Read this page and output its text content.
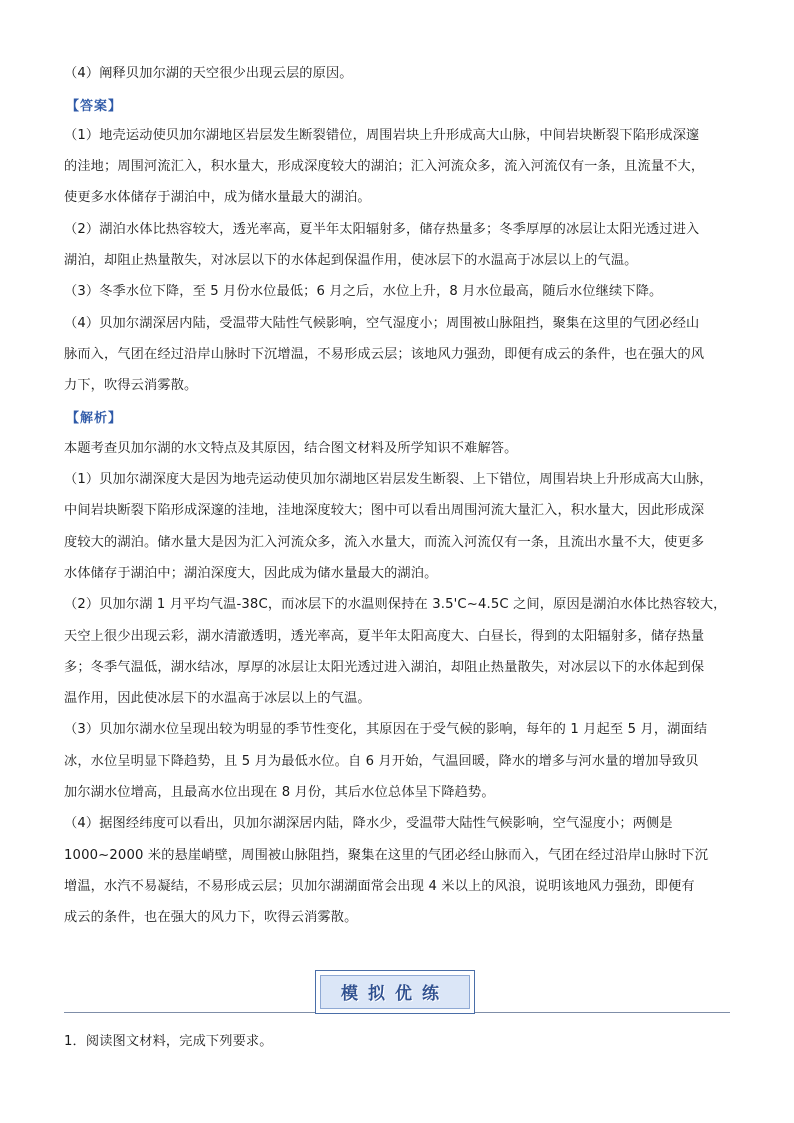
（4）阐释贝加尔湖的天空很少出现云层的原因。
【答案】
（1）地壳运动使贝加尔湖地区岩层发生断裂错位，周围岩块上升形成高大山脉，中间岩块断裂下陷形成深邃
的洼地；周围河流汇入，积水量大，形成深度较大的湖泊；汇入河流众多，流入河流仅有一条，且流量不大，
使更多水体储存于湖泊中，成为储水量最大的湖泊。
（2）湖泊水体比热容较大，透光率高，夏半年太阳辐射多，储存热量多；冬季厚厚的冰层让太阳光透过进入
湖泊，却阻止热量散失，对冰层以下的水体起到保温作用，使冰层下的水温高于冰层以上的气温。
（3）冬季水位下降，至 5 月份水位最低；6 月之后，水位上升，8 月水位最高，随后水位继续下降。
（4）贝加尔湖深居内陆，受温带大陆性气候影响，空气湿度小；周围被山脉阻挡，聚集在这里的气团必经山
脉而入，气团在经过沿岸山脉时下沉增温，不易形成云层；该地风力强劲，即便有成云的条件，也在强大的风
力下，吹得云消雾散。
【解析】
本题考查贝加尔湖的水文特点及其原因，结合图文材料及所学知识不难解答。
（1）贝加尔湖深度大是因为地壳运动使贝加尔湖地区岩层发生断裂、上下错位，周围岩块上升形成高大山脉，
中间岩块断裂下陷形成深邃的洼地，洼地深度较大；图中可以看出周围河流大量汇入，积水量大，因此形成深
度较大的湖泊。储水量大是因为汇入河流众多，流入水量大，而流入河流仅有一条，且流出水量不大，使更多
水体储存于湖泊中；湖泊深度大，因此成为储水量最大的湖泊。
（2）贝加尔湖 1 月平均气温-38C，而冰层下的水温则保持在 3.5'C~4.5C 之间，原因是湖泊水体比热容较大，
天空上很少出现云彩，湖水清澈透明，透光率高，夏半年太阳高度大、白昼长，得到的太阳辐射多，储存热量
多；冬季气温低，湖水结冰，厚厚的冰层让太阳光透过进入湖泊，却阻止热量散失，对冰层以下的水体起到保
温作用，因此使冰层下的水温高于冰层以上的气温。
（3）贝加尔湖水位呈现出较为明显的季节性变化，其原因在于受气候的影响，每年的 1 月起至 5 月，湖面结
冰，水位呈明显下降趋势，且 5 月为最低水位。自 6 月开始，气温回暖，降水的增多与河水量的增加导致贝
加尔湖水位增高，且最高水位出现在 8 月份，其后水位总体呈下降趋势。
（4）据图经纬度可以看出，贝加尔湖深居内陆，降水少，受温带大陆性气候影响，空气湿度小；两侧是
1000~2000 米的悬崖峭壁，周围被山脉阻挡，聚集在这里的气团必经山脉而入，气团在经过沿岸山脉时下沉
增温，水汽不易凝结，不易形成云层；贝加尔湖湖面常会出现 4 米以上的风浪，说明该地风力强劲，即便有
成云的条件，也在强大的风力下，吹得云消雾散。
模拟优练
1．阅读图文材料，完成下列要求。
